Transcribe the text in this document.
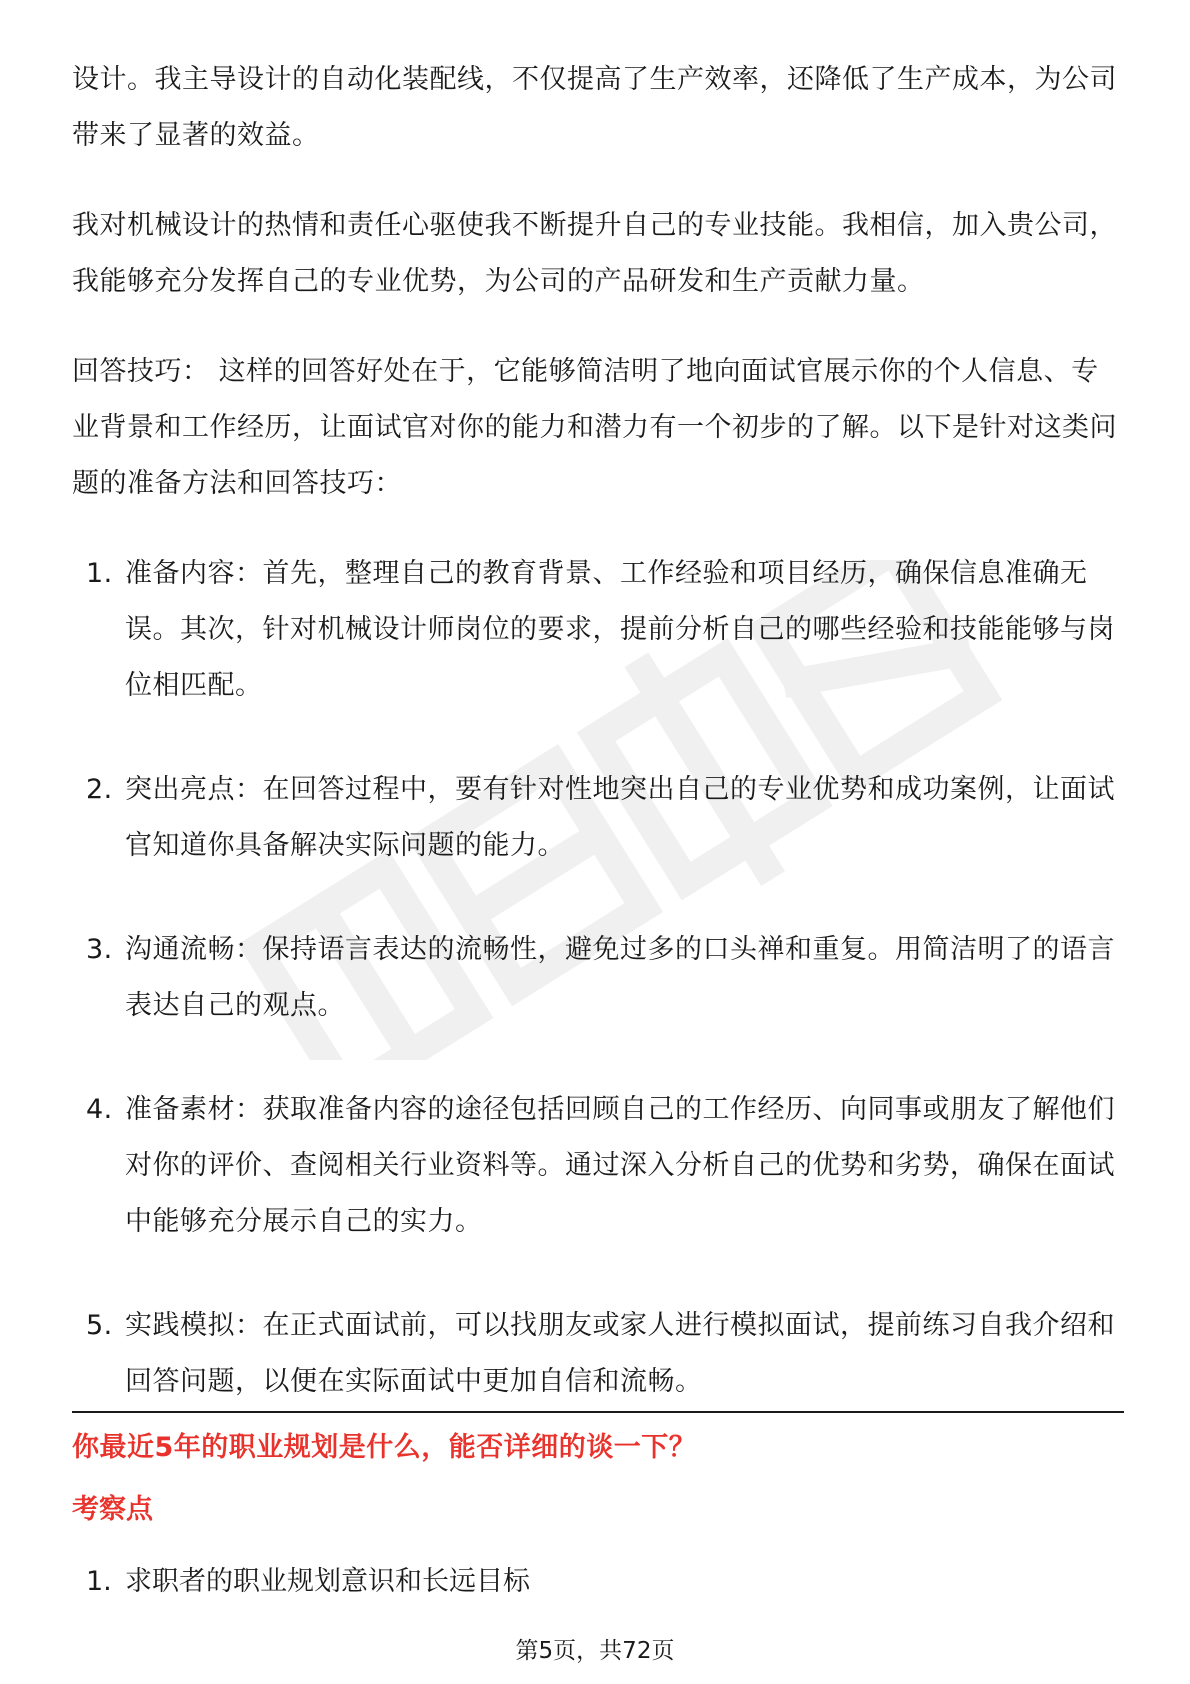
设计。我主导设计的自动化装配线，不仅提高了生产效率，还降低了生产成本，为公司带来了显著的效益。

我对机械设计的热情和责任心驱使我不断提升自己的专业技能。我相信，加入贵公司，我能够充分发挥自己的专业优势，为公司的产品研发和生产贡献力量。

回答技巧： 这样的回答好处在于，它能够简洁明了地向面试官展示你的个人信息、专业背景和工作经历，让面试官对你的能力和潜力有一个初步的了解。以下是针对这类问题的准备方法和回答技巧：

1. 准备内容：首先，整理自己的教育背景、工作经验和项目经历，确保信息准确无误。其次，针对机械设计师岗位的要求，提前分析自己的哪些经验和技能能够与岗位相匹配。
2. 突出亮点：在回答过程中，要有针对性地突出自己的专业优势和成功案例，让面试官知道你具备解决实际问题的能力。
3. 沟通流畅：保持语言表达的流畅性，避免过多的口头禅和重复。用简洁明了的语言表达自己的观点。
4. 准备素材：获取准备内容的途径包括回顾自己的工作经历、向同事或朋友了解他们对你的评价、查阅相关行业资料等。通过深入分析自己的优势和劣势，确保在面试中能够充分展示自己的实力。
5. 实践模拟：在正式面试前，可以找朋友或家人进行模拟面试，提前练习自我介绍和回答问题，以便在实际面试中更加自信和流畅。
你最近5年的职业规划是什么，能否详细的谈一下？
考察点
1. 求职者的职业规划意识和长远目标
第5页，共72页
